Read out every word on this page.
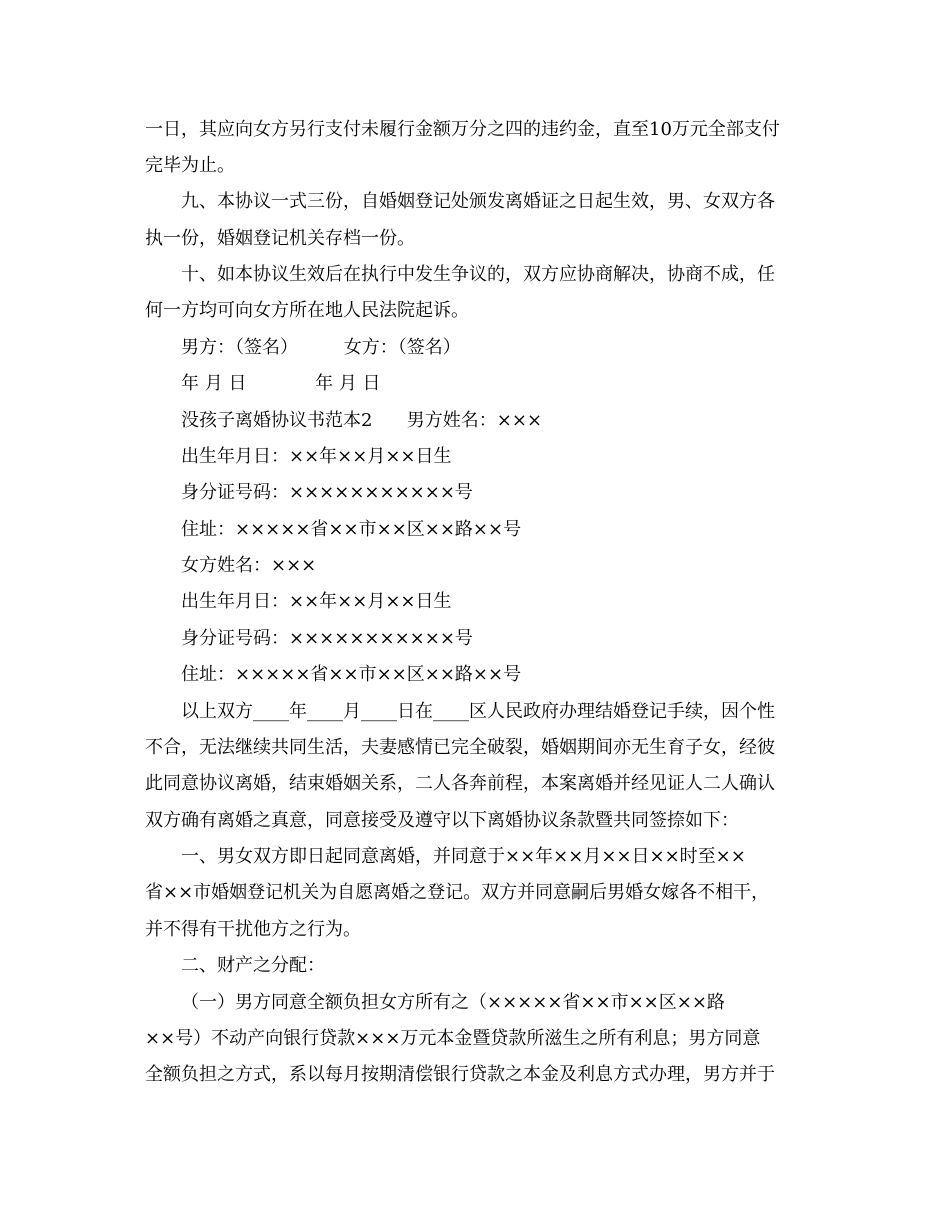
一日，其应向女方另行支付未履行金额万分之四的违约金，直至10万元全部支付
完毕为止。
九、本协议一式三份，自婚姻登记处颁发离婚证之日起生效，男、女双方各
执一份，婚姻登记机关存档一份。
十、如本协议生效后在执行中发生争议的，双方应协商解决，协商不成，任
何一方均可向女方所在地人民法院起诉。
男方：（签名）        女方：（签名）
年 月 日            年 月 日
没孩子离婚协议书范本2      男方姓名：×××
出生年月日：××年××月××日生
身分证号码：×××××××××××号
住址：×××××省××市××区××路××号
女方姓名：×××
出生年月日：××年××月××日生
身分证号码：×××××××××××号
住址：×××××省××市××区××路××号
以上双方____年____月____日在____区人民政府办理结婚登记手续，因个性
不合，无法继续共同生活，夫妻感情已完全破裂，婚姻期间亦无生育子女，经彼
此同意协议离婚，结束婚姻关系，二人各奔前程，本案离婚并经见证人二人确认
双方确有离婚之真意，同意接受及遵守以下离婚协议条款暨共同签捺如下：
一、男女双方即日起同意离婚，并同意于××年××月××日××时至××
省××市婚姻登记机关为自愿离婚之登记。双方并同意嗣后男婚女嫁各不相干，
并不得有干扰他方之行为。
二、财产之分配：
（一）男方同意全额负担女方所有之（×××××省××市××区××路
××号）不动产向银行贷款×××万元本金暨贷款所滋生之所有利息；男方同意
全额负担之方式，系以每月按期清偿银行贷款之本金及利息方式办理，男方并于
